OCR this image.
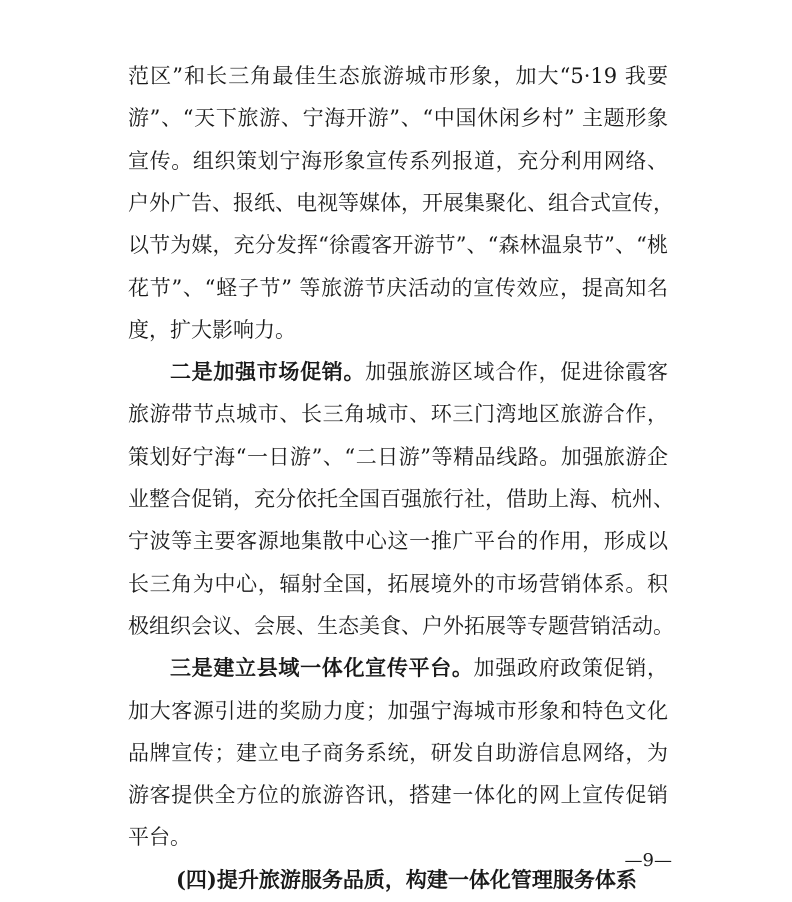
范区”和长三角最佳生态旅游城市形象，加大“5·19 我要
游”、“天下旅游、宁海开游”、“中国休闲乡村” 主题形象
宣传。组织策划宁海形象宣传系列报道，充分利用网络、
户外广告、报纸、电视等媒体，开展集聚化、组合式宣传，
以节为媒，充分发挥“徐霞客开游节”、“森林温泉节”、“桃
花节”、“蛏子节” 等旅游节庆活动的宣传效应，提高知名
度，扩大影响力。
二是加强市场促销。加强旅游区域合作，促进徐霞客
旅游带节点城市、长三角城市、环三门湾地区旅游合作，
策划好宁海“一日游”、“二日游”等精品线路。加强旅游企
业整合促销，充分依托全国百强旅行社，借助上海、杭州、
宁波等主要客源地集散中心这一推广平台的作用，形成以
长三角为中心，辐射全国，拓展境外的市场营销体系。积
极组织会议、会展、生态美食、户外拓展等专题营销活动。
三是建立县域一体化宣传平台。加强政府政策促销，
加大客源引进的奖励力度；加强宁海城市形象和特色文化
品牌宣传；建立电子商务系统，研发自助游信息网络，为
游客提供全方位的旅游咨讯，搭建一体化的网上宣传促销
平台。
(四)提升旅游服务品质，构建一体化管理服务体系
—9—
